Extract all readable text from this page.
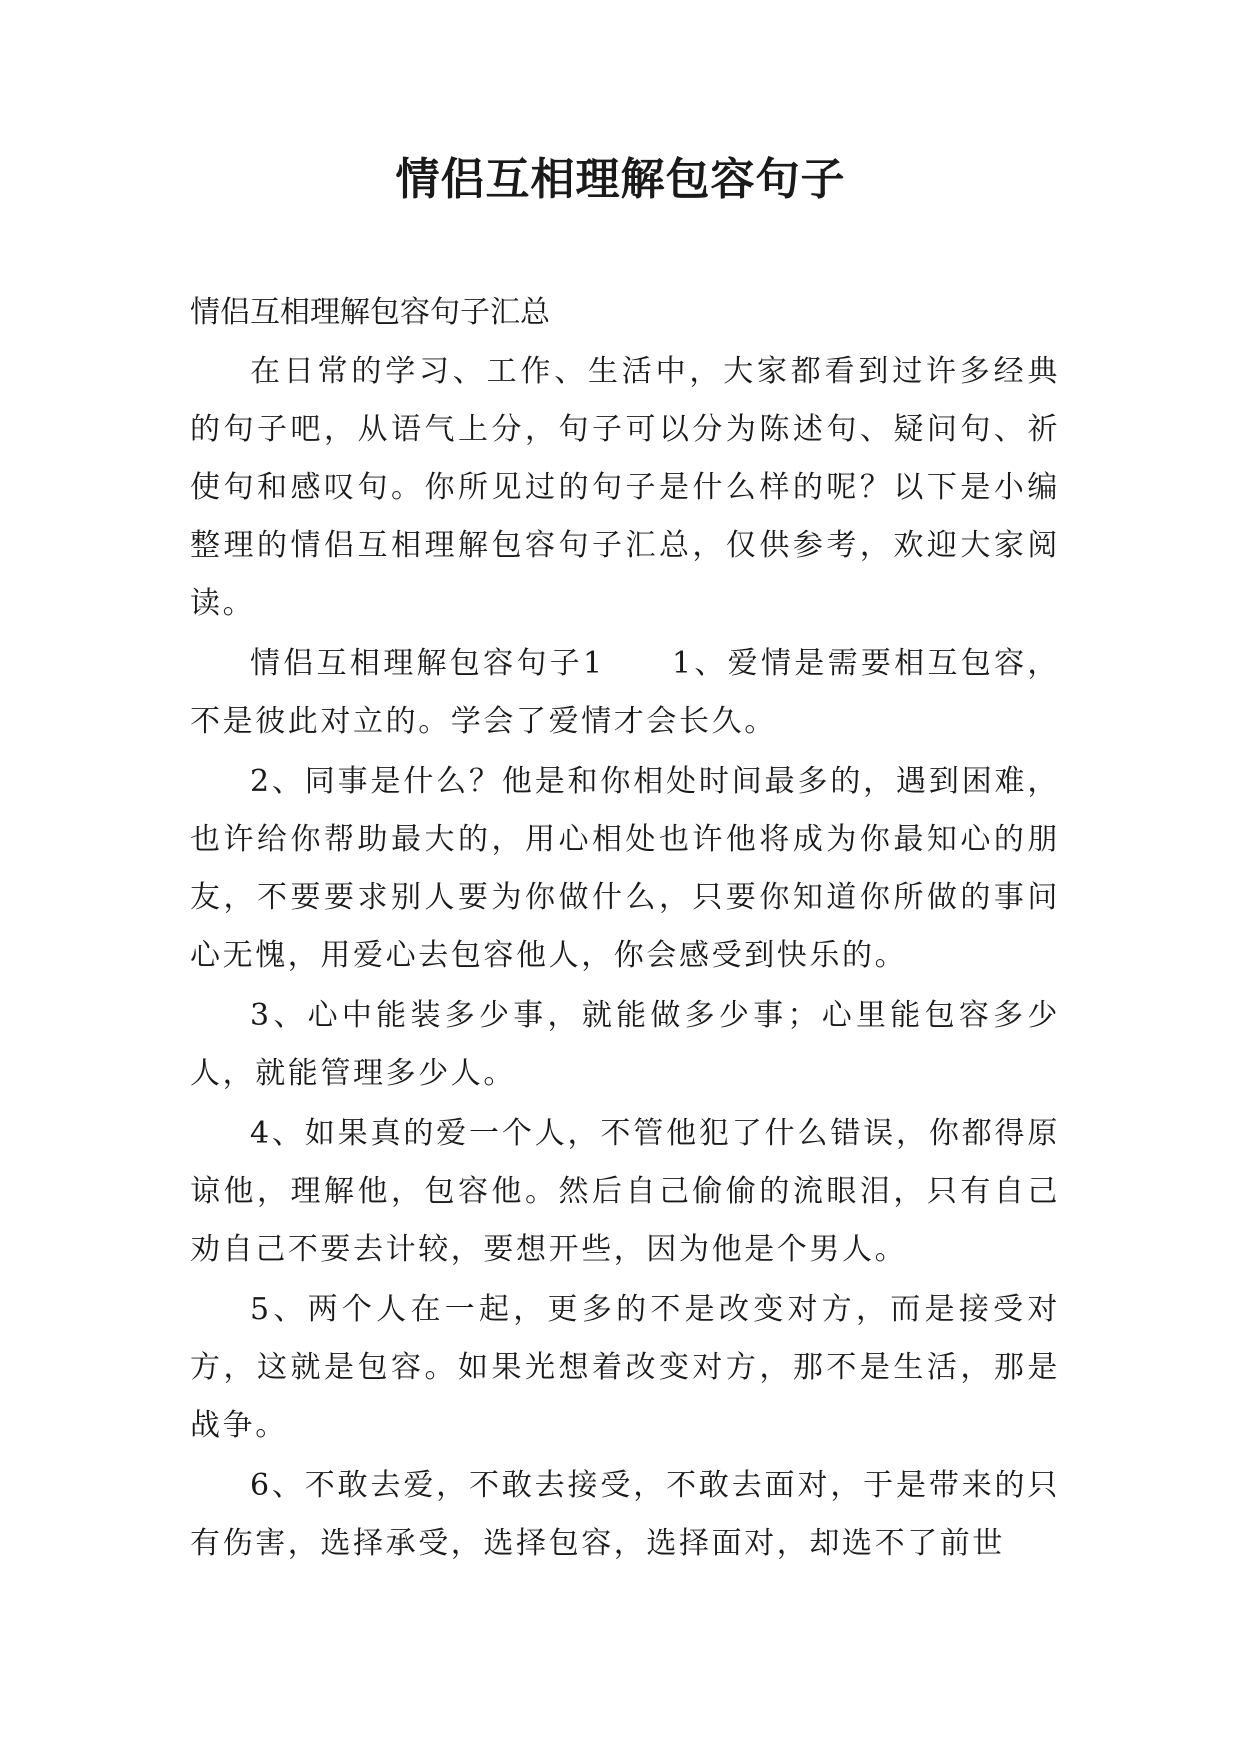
情侣互相理解包容句子

情侣互相理解包容句子汇总

在日常的学习、工作、生活中，大家都看到过许多经典的句子吧，从语气上分，句子可以分为陈述句、疑问句、祈使句和感叹句。你所见过的句子是什么样的呢？以下是小编整理的情侣互相理解包容句子汇总，仅供参考，欢迎大家阅读。

情侣互相理解包容句子1　　1、爱情是需要相互包容，不是彼此对立的。学会了爱情才会长久。

2、同事是什么？他是和你相处时间最多的，遇到困难，也许给你帮助最大的，用心相处也许他将成为你最知心的朋友，不要要求别人要为你做什么，只要你知道你所做的事问心无愧，用爱心去包容他人，你会感受到快乐的。

3、心中能装多少事，就能做多少事；心里能包容多少人，就能管理多少人。

4、如果真的爱一个人，不管他犯了什么错误，你都得原谅他，理解他，包容他。然后自己偷偷的流眼泪，只有自己劝自己不要去计较，要想开些，因为他是个男人。

5、两个人在一起，更多的不是改变对方，而是接受对方，这就是包容。如果光想着改变对方，那不是生活，那是战争。

6、不敢去爱，不敢去接受，不敢去面对，于是带来的只有伤害，选择承受，选择包容，选择面对，却选不了前世
